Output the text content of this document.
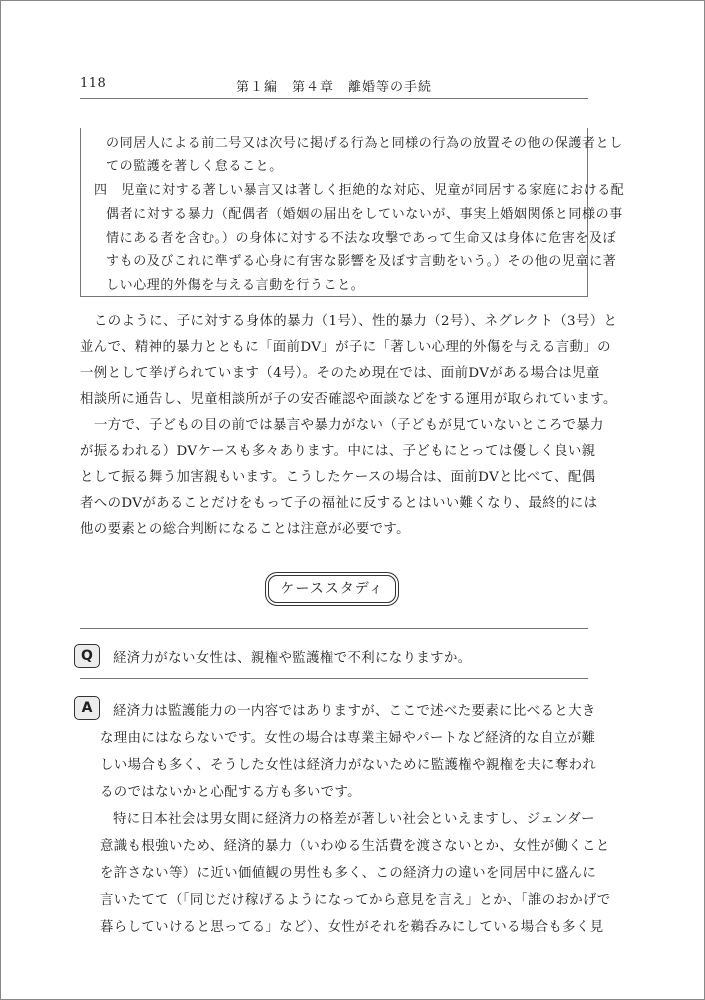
118	第１編　第４章　離婚等の手続
の同居人による前二号又は次号に掲げる行為と同様の行為の放置その他の保護者とし
ての監護を著しく怠ること。
四　児童に対する著しい暴言又は著しく拒絶的な対応、児童が同居する家庭における配
偶者に対する暴力（配偶者（婚姻の届出をしていないが、事実上婚姻関係と同様の事
情にある者を含む。）の身体に対する不法な攻撃であって生命又は身体に危害を及ぼ
すもの及びこれに準ずる心身に有害な影響を及ぼす言動をいう。）その他の児童に著
しい心理的外傷を与える言動を行うこと。
このように、子に対する身体的暴力（1号）、性的暴力（2号）、ネグレクト（3号）と
並んで、精神的暴力とともに「面前DV」が子に「著しい心理的外傷を与える言動」の
一例として挙げられています（4号）。そのため現在では、面前DVがある場合は児童
相談所に通告し、児童相談所が子の安否確認や面談などをする運用が取られています。
一方で、子どもの目の前では暴言や暴力がない（子どもが見ていないところで暴力
が振るわれる）DVケースも多々あります。中には、子どもにとっては優しく良い親
として振る舞う加害親もいます。こうしたケースの場合は、面前DVと比べて、配偶
者へのDVがあることだけをもって子の福祉に反するとはいい難くなり、最終的には
他の要素との総合判断になることは注意が必要です。
ケーススタディ
Q	経済力がない女性は、親権や監護権で不利になりますか。
A	経済力は監護能力の一内容ではありますが、ここで述べた要素に比べると大き
な理由にはならないです。女性の場合は専業主婦やパートなど経済的な自立が難
しい場合も多く、そうした女性は経済力がないために監護権や親権を夫に奪われ
るのではないかと心配する方も多いです。
特に日本社会は男女間に経済力の格差が著しい社会といえますし、ジェンダー
意識も根強いため、経済的暴力（いわゆる生活費を渡さないとか、女性が働くこと
を許さない等）に近い価値観の男性も多く、この経済力の違いを同居中に盛んに
言いたてて（「同じだけ稼げるようになってから意見を言え」とか、「誰のおかげで
暮らしていけると思ってる」など）、女性がそれを鵜呑みにしている場合も多く見
